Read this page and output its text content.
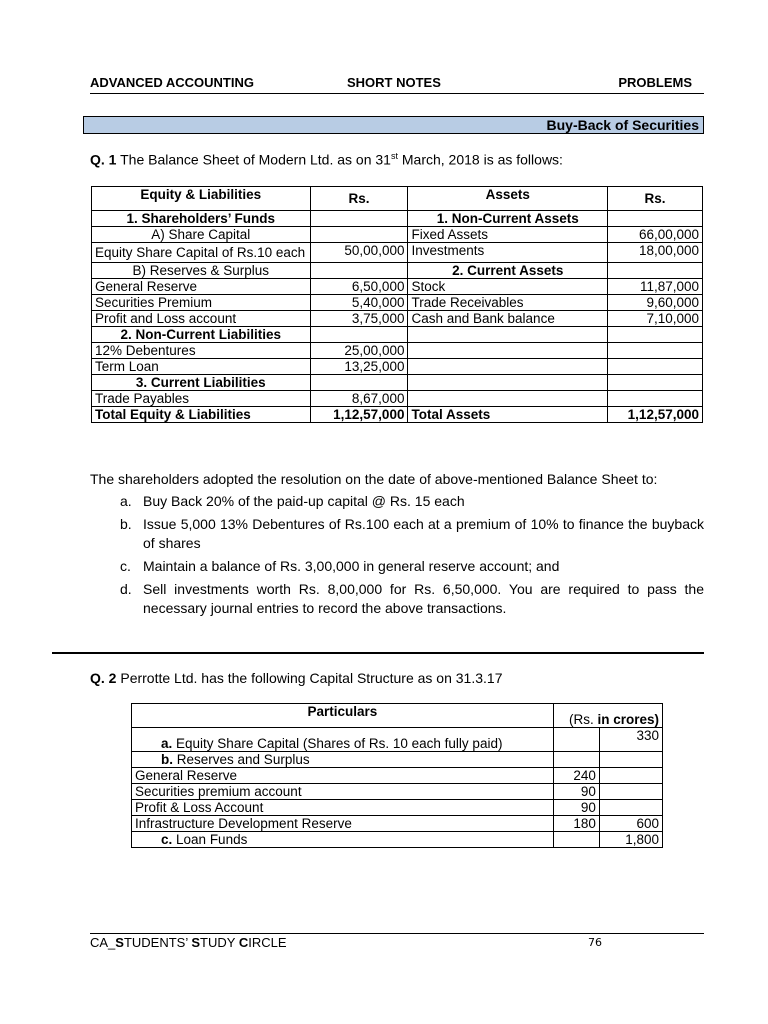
ADVANCED ACCOUNTING	SHORT NOTES	PROBLEMS
Buy-Back of Securities
Q. 1 The Balance Sheet of Modern Ltd. as on 31st March, 2018 is as follows:
Equity & Liabilities	Rs.	Assets	Rs.
1. Shareholders’ Funds		1. Non-Current Assets	
A) Share Capital		Fixed Assets	66,00,000
Equity Share Capital of Rs.10 each	50,00,000	Investments	18,00,000
B) Reserves & Surplus		2. Current Assets	
General Reserve	6,50,000	Stock	11,87,000
Securities Premium	5,40,000	Trade Receivables	9,60,000
Profit and Loss account	3,75,000	Cash and Bank balance	7,10,000
2. Non-Current Liabilities			
12% Debentures	25,00,000		
Term Loan	13,25,000		
3. Current Liabilities			
Trade Payables	8,67,000		
Total Equity & Liabilities	1,12,57,000	Total Assets	1,12,57,000
The shareholders adopted the resolution on the date of above-mentioned Balance Sheet to:
a. Buy Back 20% of the paid-up capital @ Rs. 15 each
b. Issue 5,000 13% Debentures of Rs.100 each at a premium of 10% to finance the buyback of shares
c. Maintain a balance of Rs. 3,00,000 in general reserve account; and
d. Sell investments worth Rs. 8,00,000 for Rs. 6,50,000. You are required to pass the necessary journal entries to record the above transactions.
Q. 2 Perrotte Ltd. has the following Capital Structure as on 31.3.17
Particulars	(Rs. in crores)	
a. Equity Share Capital (Shares of Rs. 10 each fully paid)		330
b. Reserves and Surplus		
General Reserve	240	
Securities premium account	90	
Profit & Loss Account	90	
Infrastructure Development Reserve	180	600
c. Loan Funds		1,800
CA_STUDENTS’ STUDY CIRCLE	76
